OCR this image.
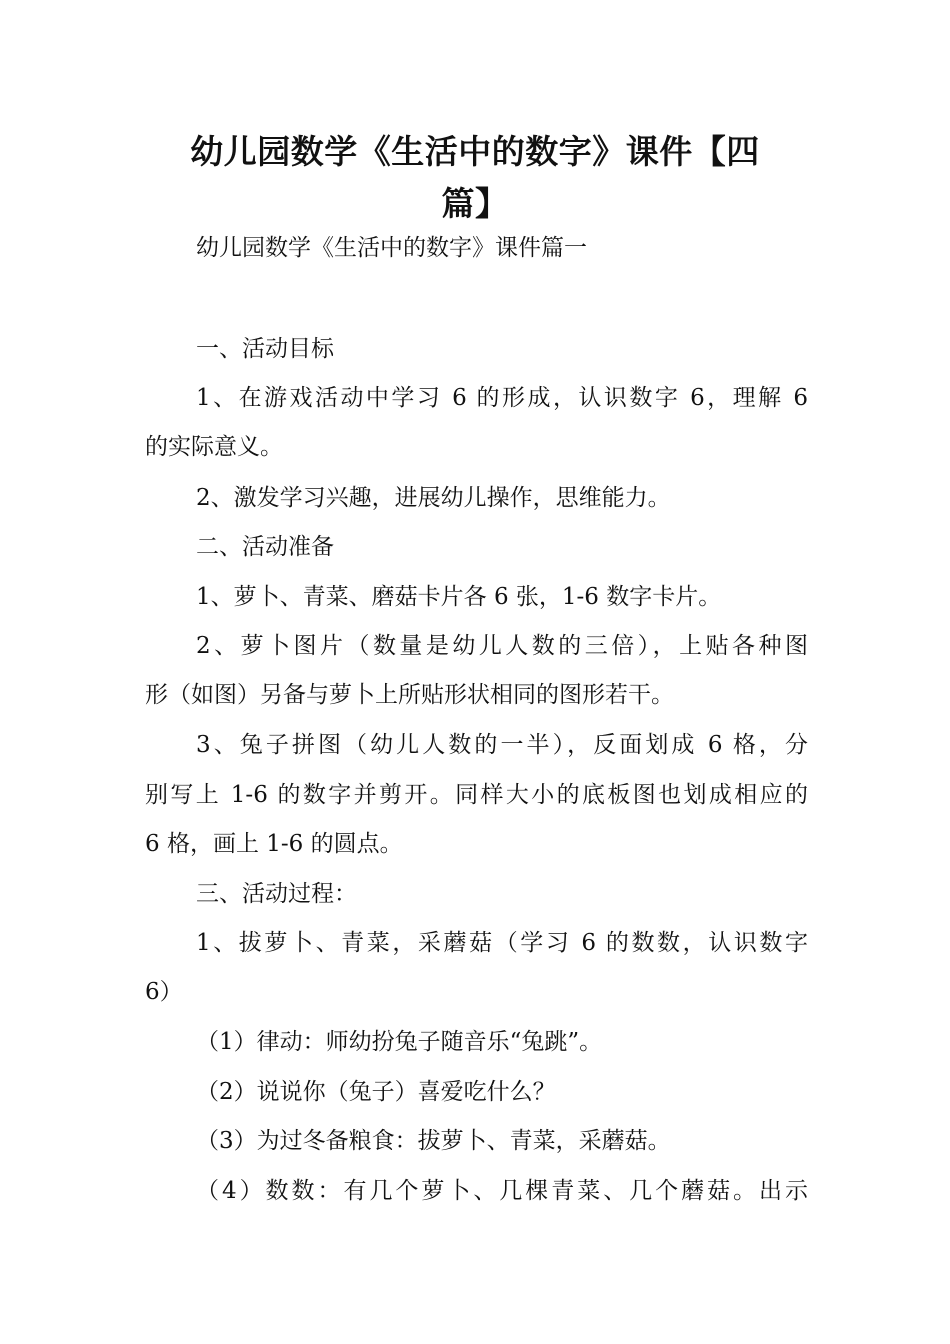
幼儿园数学《生活中的数字》课件【四
篇】
幼儿园数学《生活中的数字》课件篇一
一、活动目标
1、在游戏活动中学习 6 的形成，认识数字 6，理解 6
的实际意义。
2、激发学习兴趣，进展幼儿操作，思维能力。
二、活动准备
1、萝卜、青菜、磨菇卡片各 6 张，1-6 数字卡片。
2、萝卜图片（数量是幼儿人数的三倍），上贴各种图
形（如图）另备与萝卜上所贴形状相同的图形若干。
3、兔子拼图（幼儿人数的一半），反面划成 6 格，分
别写上 1-6 的数字并剪开。同样大小的底板图也划成相应的
6 格，画上 1-6 的圆点。
三、活动过程：
1、拔萝卜、青菜，采蘑菇（学习 6 的数数，认识数字
6）
（1）律动：师幼扮兔子随音乐“兔跳”。
（2）说说你（兔子）喜爱吃什么？
（3）为过冬备粮食：拔萝卜、青菜，采蘑菇。
（4）数数：有几个萝卜、几棵青菜、几个蘑菇。出示
